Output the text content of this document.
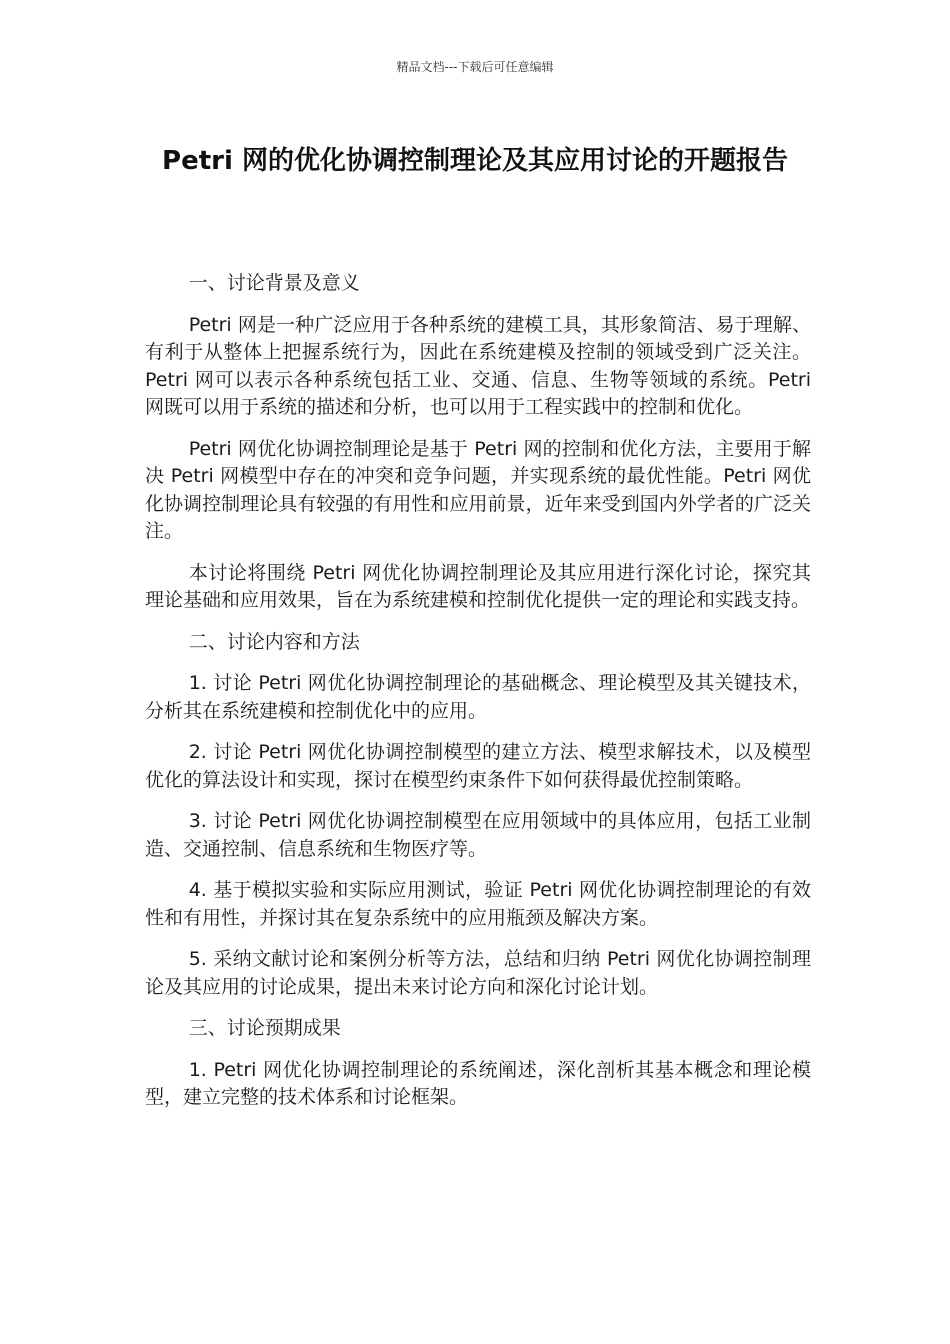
精品文档---下载后可任意编辑
Petri 网的优化协调控制理论及其应用讨论的开题报告

一、讨论背景及意义

Petri 网是一种广泛应用于各种系统的建模工具，其形象简洁、易于理解、有利于从整体上把握系统行为，因此在系统建模及控制的领域受到广泛关注。Petri 网可以表示各种系统包括工业、交通、信息、生物等领域的系统。Petri 网既可以用于系统的描述和分析，也可以用于工程实践中的控制和优化。

Petri 网优化协调控制理论是基于 Petri 网的控制和优化方法，主要用于解决 Petri 网模型中存在的冲突和竞争问题，并实现系统的最优性能。Petri 网优化协调控制理论具有较强的有用性和应用前景，近年来受到国内外学者的广泛关注。

本讨论将围绕 Petri 网优化协调控制理论及其应用进行深化讨论，探究其理论基础和应用效果，旨在为系统建模和控制优化提供一定的理论和实践支持。

二、讨论内容和方法

1. 讨论 Petri 网优化协调控制理论的基础概念、理论模型及其关键技术，分析其在系统建模和控制优化中的应用。

2. 讨论 Petri 网优化协调控制模型的建立方法、模型求解技术，以及模型优化的算法设计和实现，探讨在模型约束条件下如何获得最优控制策略。

3. 讨论 Petri 网优化协调控制模型在应用领域中的具体应用，包括工业制造、交通控制、信息系统和生物医疗等。

4. 基于模拟实验和实际应用测试，验证 Petri 网优化协调控制理论的有效性和有用性，并探讨其在复杂系统中的应用瓶颈及解决方案。

5. 采纳文献讨论和案例分析等方法，总结和归纳 Petri 网优化协调控制理论及其应用的讨论成果，提出未来讨论方向和深化讨论计划。

三、讨论预期成果

1. Petri 网优化协调控制理论的系统阐述，深化剖析其基本概念和理论模型，建立完整的技术体系和讨论框架。
